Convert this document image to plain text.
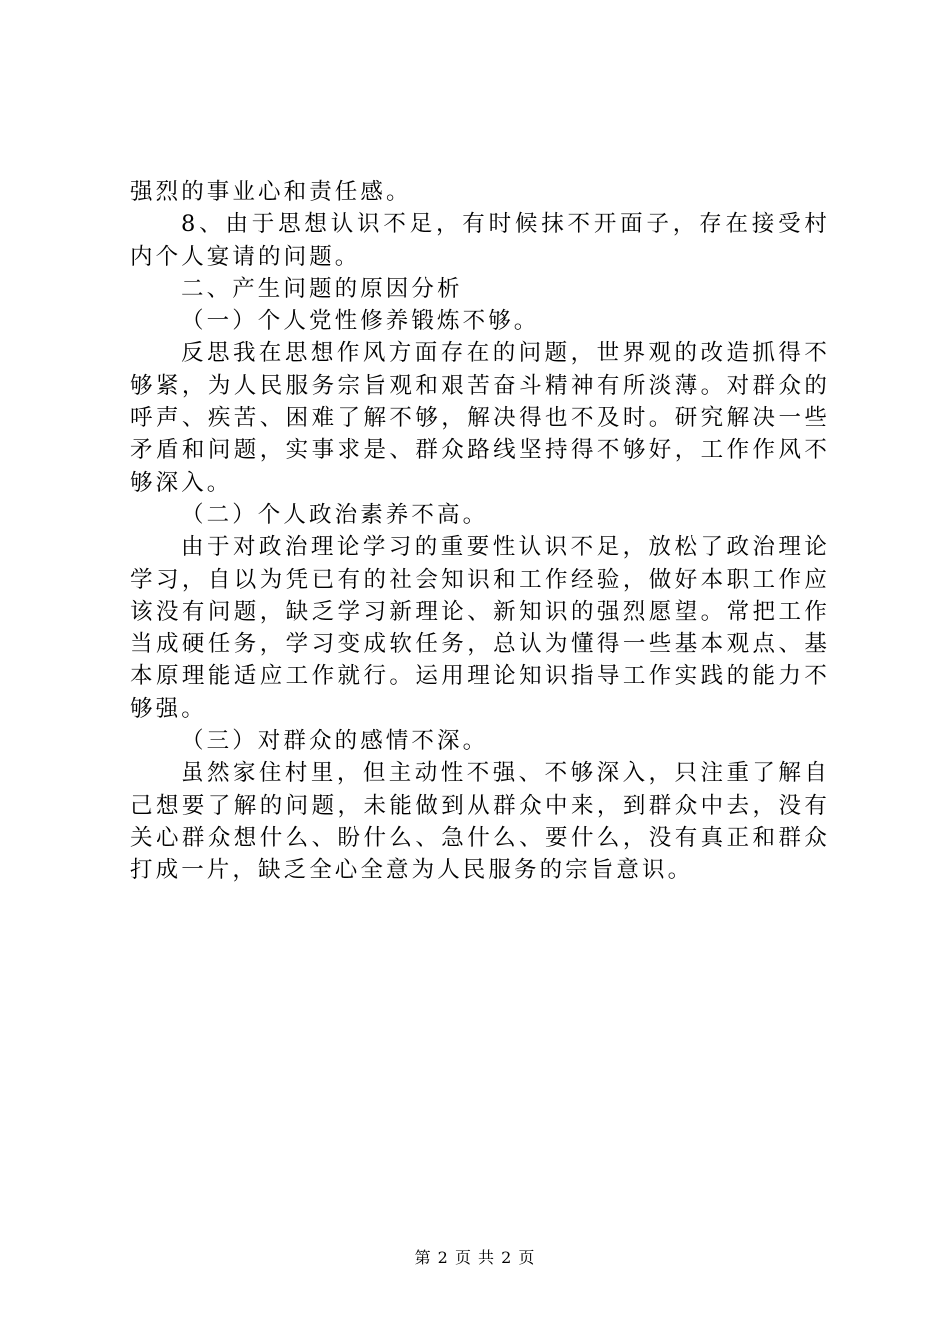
强烈的事业心和责任感。

8、由于思想认识不足，有时候抹不开面子，存在接受村内个人宴请的问题。

二、产生问题的原因分析

（一）个人党性修养锻炼不够。

反思我在思想作风方面存在的问题，世界观的改造抓得不够紧，为人民服务宗旨观和艰苦奋斗精神有所淡薄。对群众的呼声、疾苦、困难了解不够，解决得也不及时。研究解决一些矛盾和问题，实事求是、群众路线坚持得不够好，工作作风不够深入。

（二）个人政治素养不高。

由于对政治理论学习的重要性认识不足，放松了政治理论学习，自以为凭已有的社会知识和工作经验，做好本职工作应该没有问题，缺乏学习新理论、新知识的强烈愿望。常把工作当成硬任务，学习变成软任务，总认为懂得一些基本观点、基本原理能适应工作就行。运用理论知识指导工作实践的能力不够强。

（三）对群众的感情不深。

虽然家住村里，但主动性不强、不够深入，只注重了解自己想要了解的问题，未能做到从群众中来，到群众中去，没有关心群众想什么、盼什么、急什么、要什么，没有真正和群众打成一片，缺乏全心全意为人民服务的宗旨意识。

第 2 页 共 2 页
